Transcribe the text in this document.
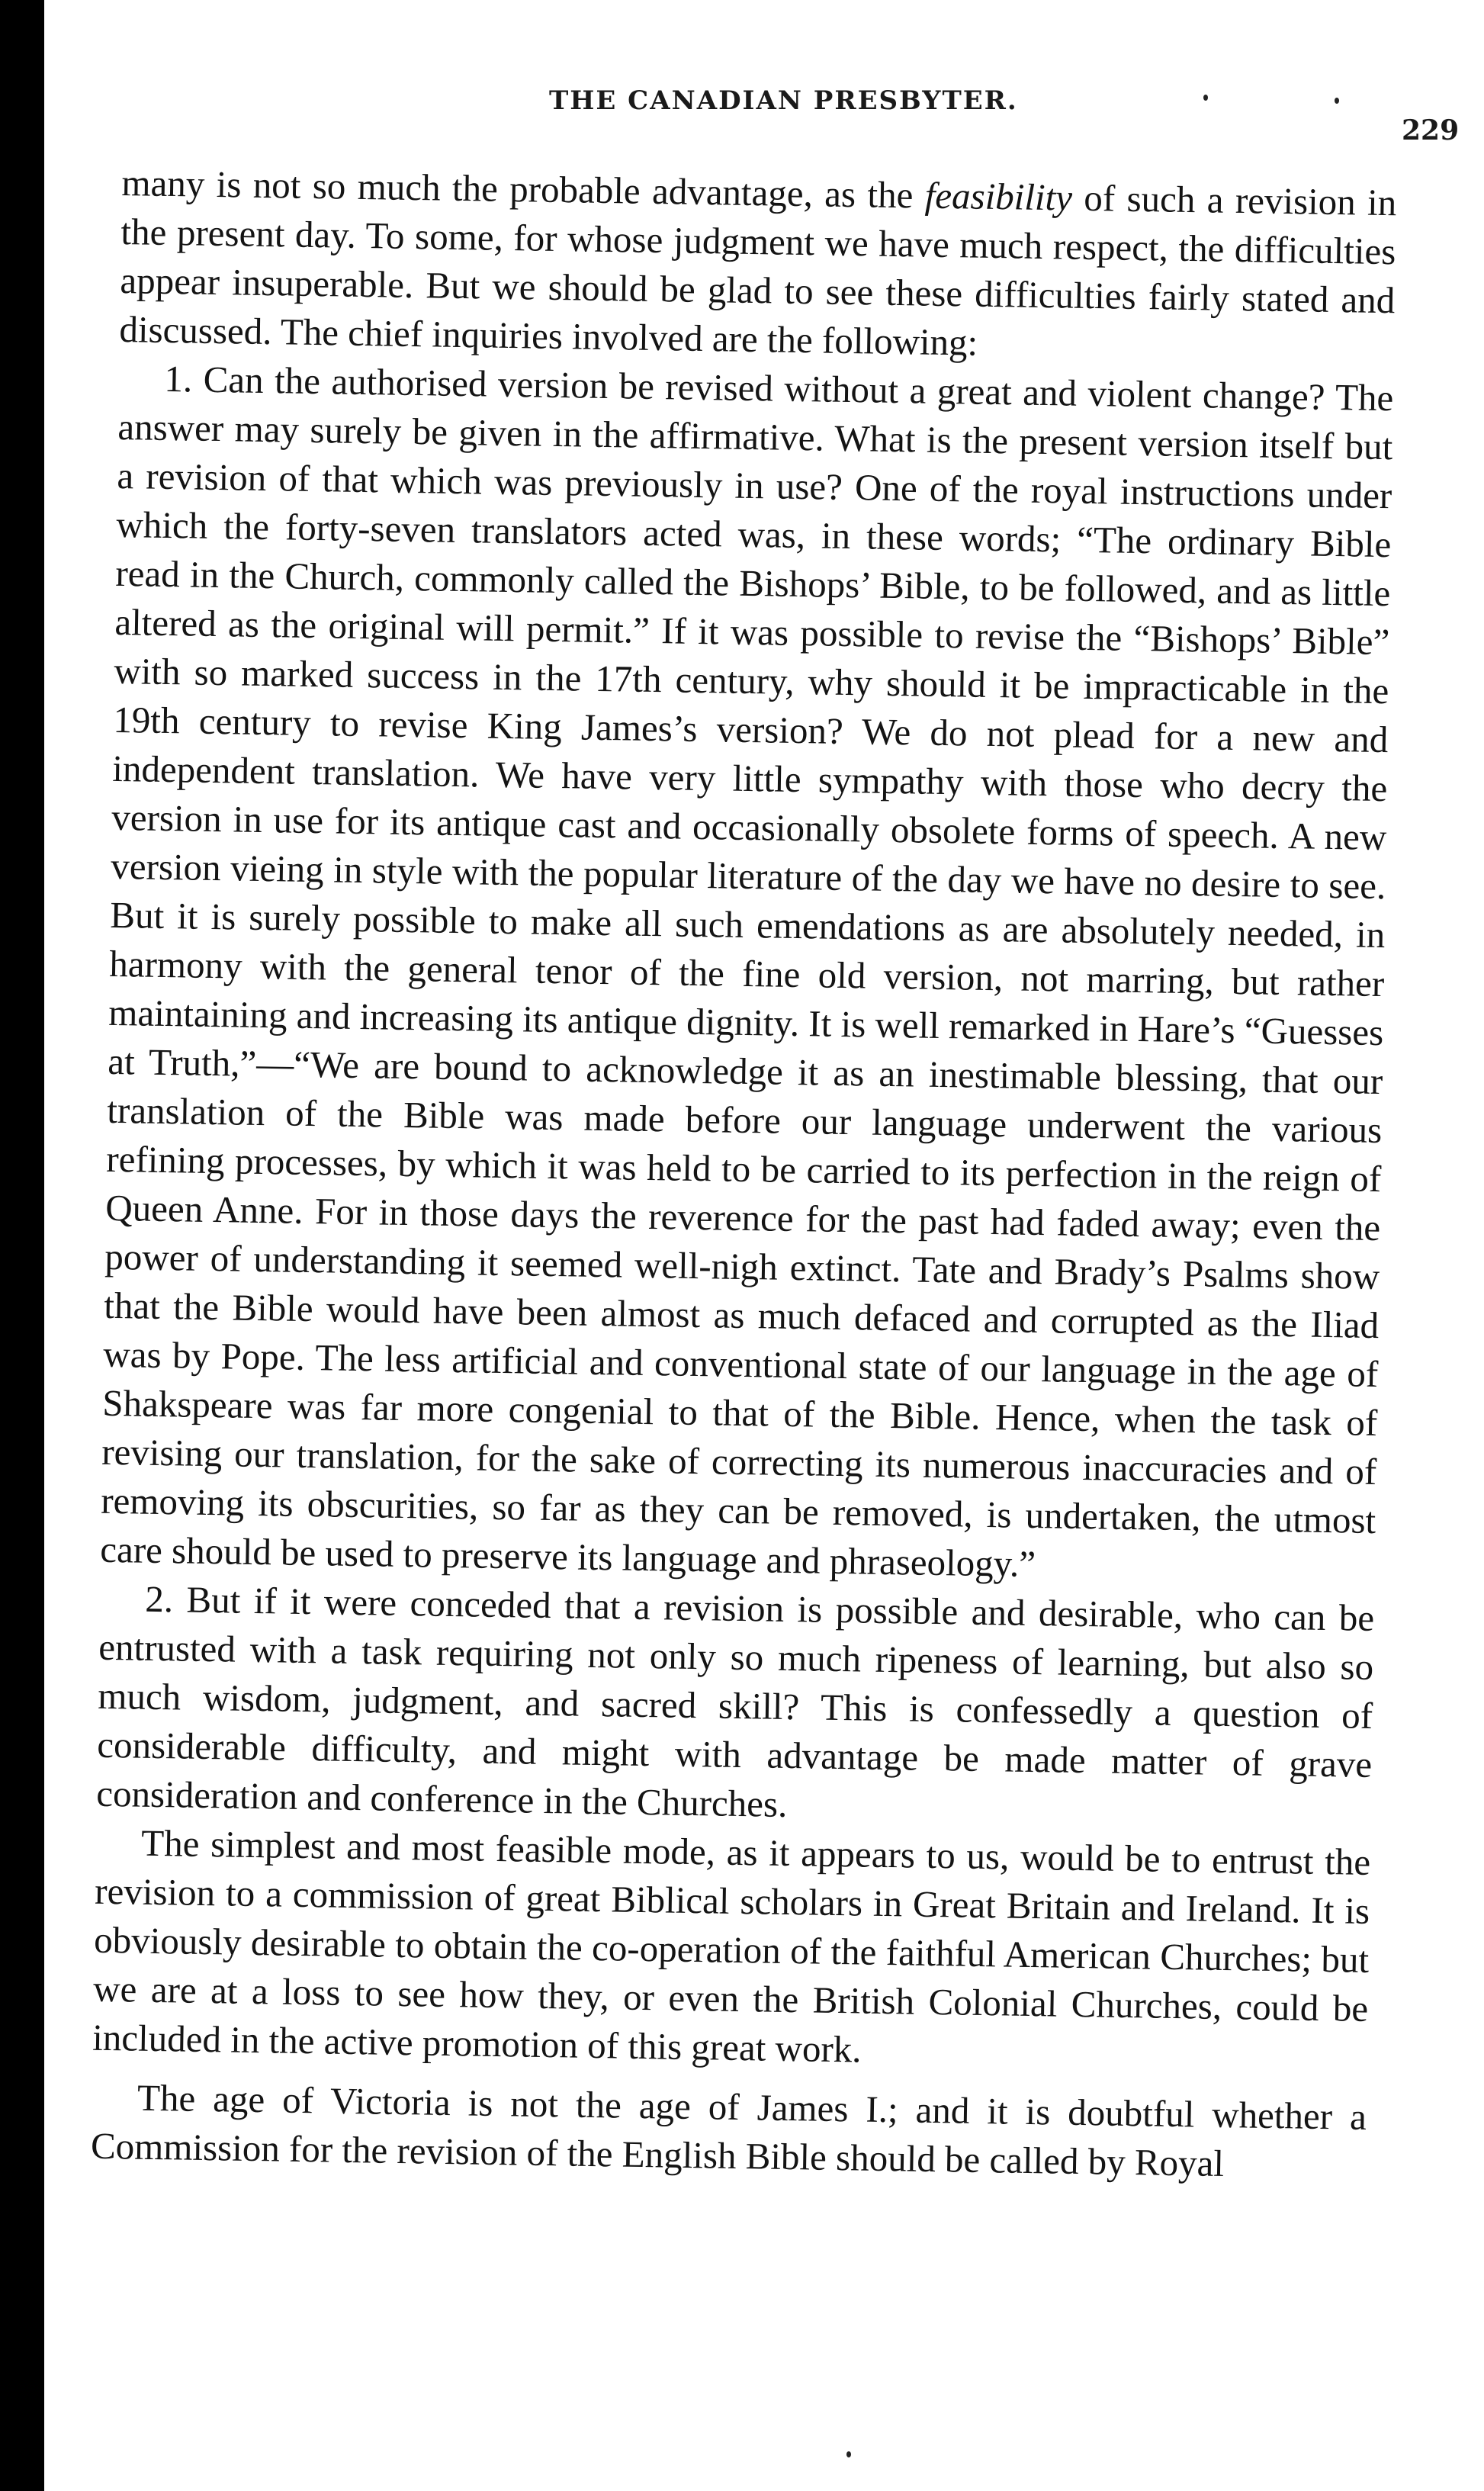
THE CANADIAN PRESBYTER.
229

many is not so much the probable advantage, as the feasibility of such a revision in the present day. To some, for whose judgment we have much respect, the difficulties appear insuperable. But we should be glad to see these difficulties fairly stated and discussed. The chief inquiries involved are the following:

1. Can the authorised version be revised without a great and violent change? The answer may surely be given in the affirmative. What is the present version itself but a revision of that which was previously in use? One of the royal instructions under which the forty-seven translators acted was, in these words; “The ordinary Bible read in the Church, commonly called the Bishops’ Bible, to be followed, and as little altered as the original will permit.” If it was possible to revise the “Bishops’ Bible” with so marked success in the 17th century, why should it be impracticable in the 19th century to revise King James’s version? We do not plead for a new and independent translation. We have very little sympathy with those who decry the version in use for its antique cast and occasionally obsolete forms of speech. A new version vieing in style with the popular literature of the day we have no desire to see. But it is surely possible to make all such emendations as are absolutely needed, in harmony with the general tenor of the fine old version, not marring, but rather maintaining and increasing its antique dignity. It is well remarked in Hare’s “Guesses at Truth,”—“We are bound to acknowledge it as an inestimable blessing, that our translation of the Bible was made before our language underwent the various refining processes, by which it was held to be carried to its perfection in the reign of Queen Anne. For in those days the reverence for the past had faded away; even the power of understanding it seemed well-nigh extinct. Tate and Brady’s Psalms show that the Bible would have been almost as much defaced and corrupted as the Iliad was by Pope. The less artificial and conventional state of our language in the age of Shakspeare was far more congenial to that of the Bible. Hence, when the task of revising our translation, for the sake of correcting its numerous inaccuracies and of removing its obscurities, so far as they can be removed, is undertaken, the utmost care should be used to preserve its language and phraseology.”

2. But if it were conceded that a revision is possible and desirable, who can be entrusted with a task requiring not only so much ripeness of learning, but also so much wisdom, judgment, and sacred skill? This is confessedly a question of considerable difficulty, and might with advantage be made matter of grave consideration and conference in the Churches.

The simplest and most feasible mode, as it appears to us, would be to entrust the revision to a commission of great Biblical scholars in Great Britain and Ireland. It is obviously desirable to obtain the co-operation of the faithful American Churches; but we are at a loss to see how they, or even the British Colonial Churches, could be included in the active promotion of this great work.

The age of Victoria is not the age of James I.; and it is doubtful whether a Commission for the revision of the English Bible should be called by Royal
